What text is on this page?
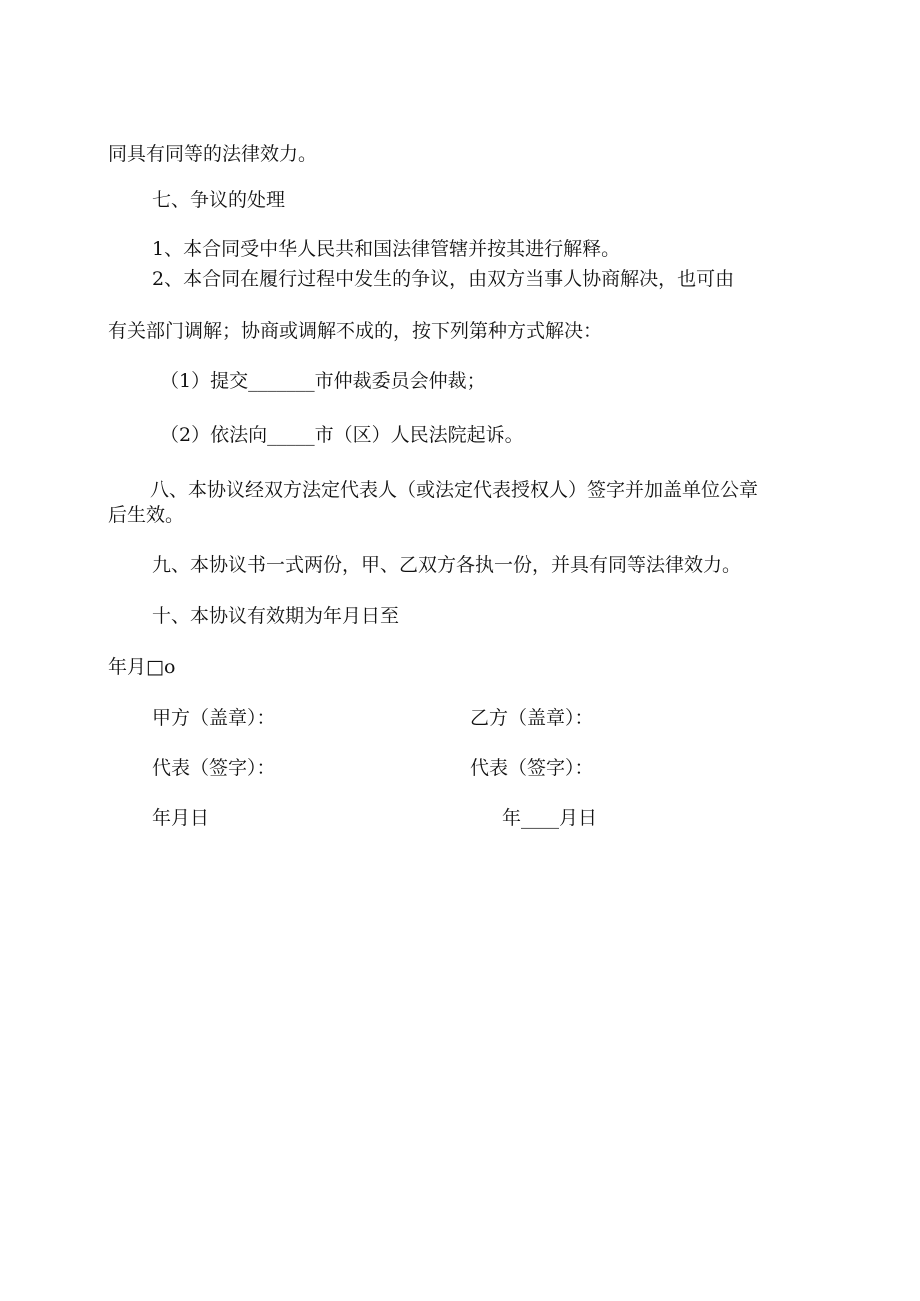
同具有同等的法律效力。
七、争议的处理
1、本合同受中华人民共和国法律管辖并按其进行解释。
2、本合同在履行过程中发生的争议，由双方当事人协商解决，也可由
有关部门调解；协商或调解不成的，按下列第种方式解决：
（1）提交_______市仲裁委员会仲裁；
（2）依法向_____市（区）人民法院起诉。
八、本协议经双方法定代表人（或法定代表授权人）签字并加盖单位公章
后生效。
九、本协议书一式两份，甲、乙双方各执一份，并具有同等法律效力。
十、本协议有效期为年月日至
年月□o
甲方（盖章）：	乙方（盖章）：
代表（签字）：	代表（签字）：
年月日	年____月日
